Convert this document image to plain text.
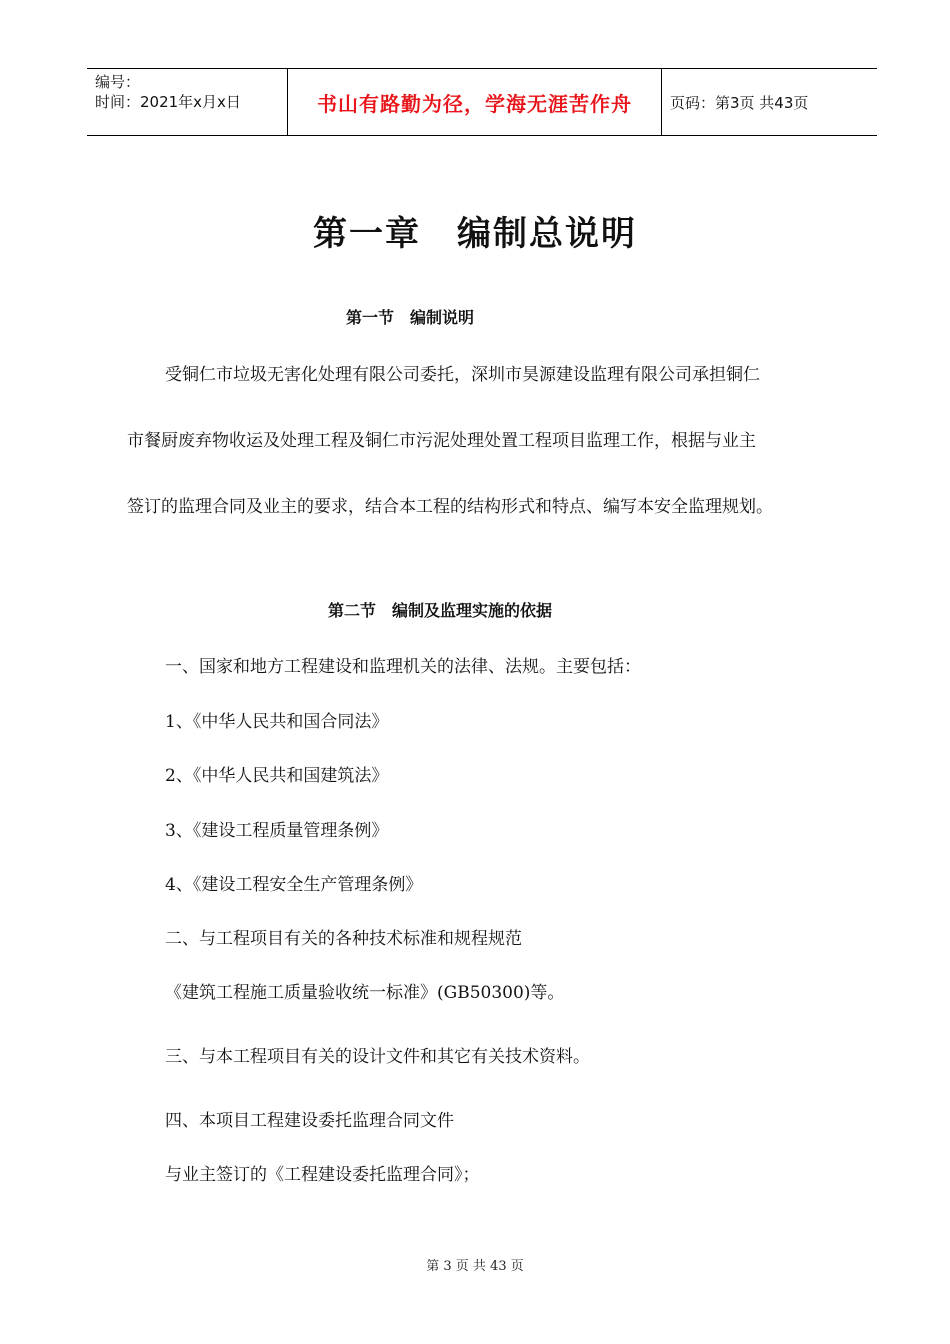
编号：
时间：2021年x月x日	书山有路勤为径，学海无涯苦作舟	页码：第3页 共43页
第一章　编制总说明
第一节　编制说明
受铜仁市垃圾无害化处理有限公司委托，深圳市昊源建设监理有限公司承担铜仁
市餐厨废弃物收运及处理工程及铜仁市污泥处理处置工程项目监理工作，根据与业主
签订的监理合同及业主的要求，结合本工程的结构形式和特点、编写本安全监理规划。
第二节　编制及监理实施的依据
一、国家和地方工程建设和监理机关的法律、法规。主要包括：
1、《中华人民共和国合同法》
2、《中华人民共和国建筑法》
3、《建设工程质量管理条例》
4、《建设工程安全生产管理条例》
二、与工程项目有关的各种技术标准和规程规范
《建筑工程施工质量验收统一标准》(GB50300)等。
三、与本工程项目有关的设计文件和其它有关技术资料。
四、本项目工程建设委托监理合同文件
与业主签订的《工程建设委托监理合同》；
第 3 页 共 43 页
